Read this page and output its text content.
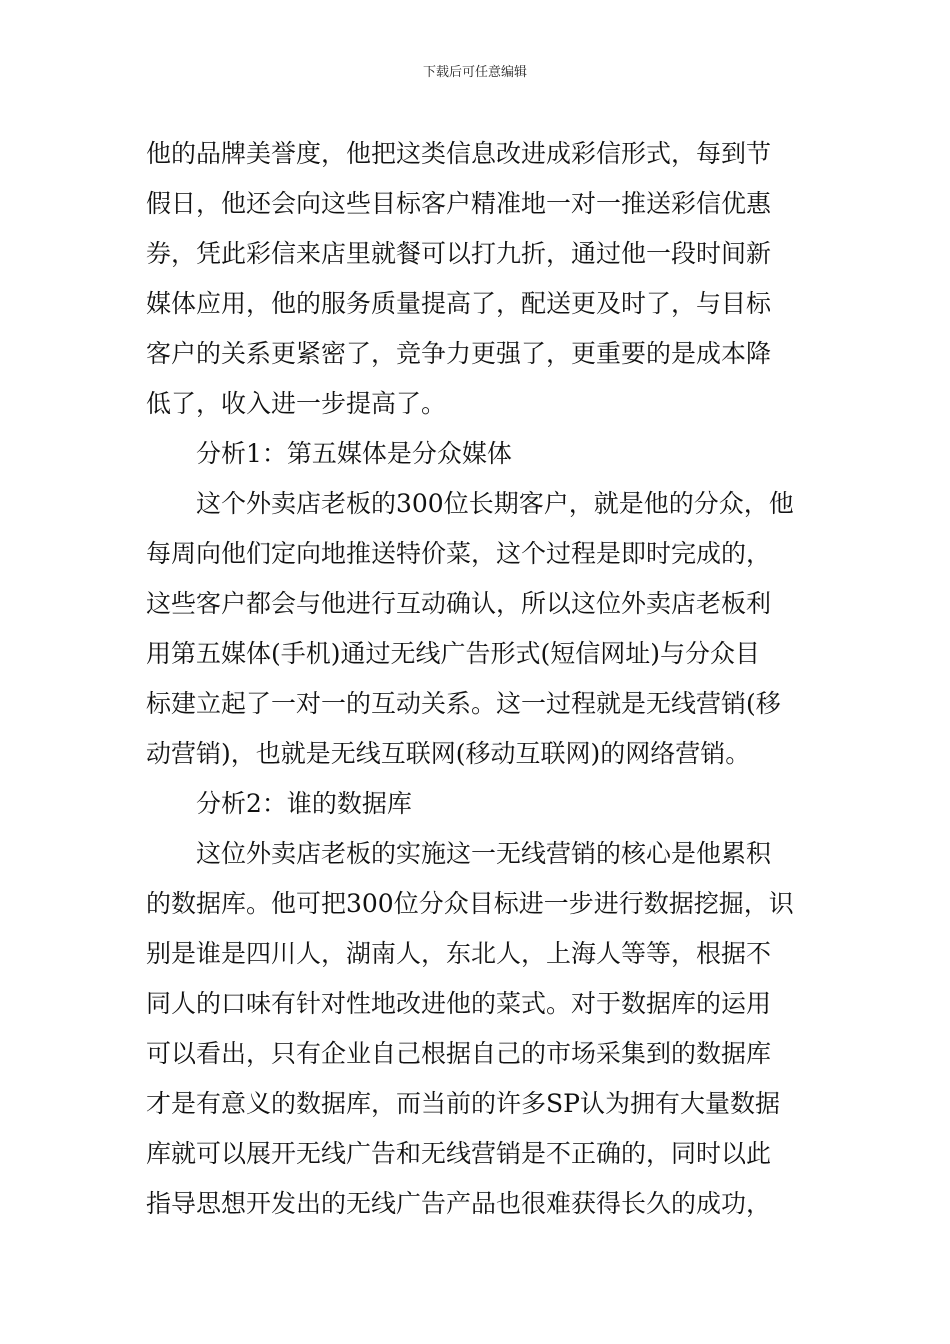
下载后可任意编辑
他的品牌美誉度，他把这类信息改进成彩信形式，每到节
假日，他还会向这些目标客户精准地一对一推送彩信优惠
券，凭此彩信来店里就餐可以打九折，通过他一段时间新
媒体应用，他的服务质量提高了，配送更及时了，与目标
客户的关系更紧密了，竞争力更强了，更重要的是成本降
低了，收入进一步提高了。
分析1：第五媒体是分众媒体
这个外卖店老板的300位长期客户，就是他的分众，他
每周向他们定向地推送特价菜，这个过程是即时完成的，
这些客户都会与他进行互动确认，所以这位外卖店老板利
用第五媒体(手机)通过无线广告形式(短信网址)与分众目
标建立起了一对一的互动关系。这一过程就是无线营销(移
动营销)，也就是无线互联网(移动互联网)的网络营销。
分析2：谁的数据库
这位外卖店老板的实施这一无线营销的核心是他累积
的数据库。他可把300位分众目标进一步进行数据挖掘，识
别是谁是四川人，湖南人，东北人，上海人等等，根据不
同人的口味有针对性地改进他的菜式。对于数据库的运用
可以看出，只有企业自己根据自己的市场采集到的数据库
才是有意义的数据库，而当前的许多SP认为拥有大量数据
库就可以展开无线广告和无线营销是不正确的，同时以此
指导思想开发出的无线广告产品也很难获得长久的成功，
